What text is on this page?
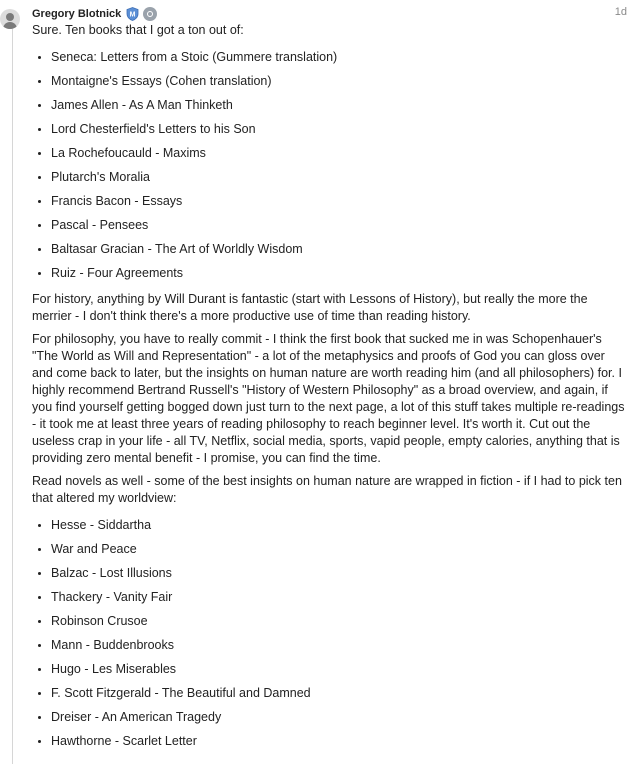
Gregory Blotnick M	1d

Sure. Ten books that I got a ton out of:

Seneca: Letters from a Stoic (Gummere translation)
Montaigne's Essays (Cohen translation)
James Allen - As A Man Thinketh
Lord Chesterfield's Letters to his Son
La Rochefoucauld - Maxims
Plutarch's Moralia
Francis Bacon - Essays
Pascal - Pensees
Baltasar Gracian - The Art of Worldly Wisdom
Ruiz - Four Agreements

For history, anything by Will Durant is fantastic (start with Lessons of History), but really the more the merrier - I don't think there's a more productive use of time than reading history.

For philosophy, you have to really commit - I think the first book that sucked me in was Schopenhauer's "The World as Will and Representation" - a lot of the metaphysics and proofs of God you can gloss over and come back to later, but the insights on human nature are worth reading him (and all philosophers) for. I highly recommend Bertrand Russell's "History of Western Philosophy" as a broad overview, and again, if you find yourself getting bogged down just turn to the next page, a lot of this stuff takes multiple re-readings - it took me at least three years of reading philosophy to reach beginner level. It's worth it. Cut out the useless crap in your life - all TV, Netflix, social media, sports, vapid people, empty calories, anything that is providing zero mental benefit - I promise, you can find the time.

Read novels as well - some of the best insights on human nature are wrapped in fiction - if I had to pick ten that altered my worldview:

Hesse - Siddartha
War and Peace
Balzac - Lost Illusions
Thackery - Vanity Fair
Robinson Crusoe
Mann - Buddenbrooks
Hugo - Les Miserables
F. Scott Fitzgerald - The Beautiful and Damned
Dreiser - An American Tragedy
Hawthorne - Scarlet Letter
